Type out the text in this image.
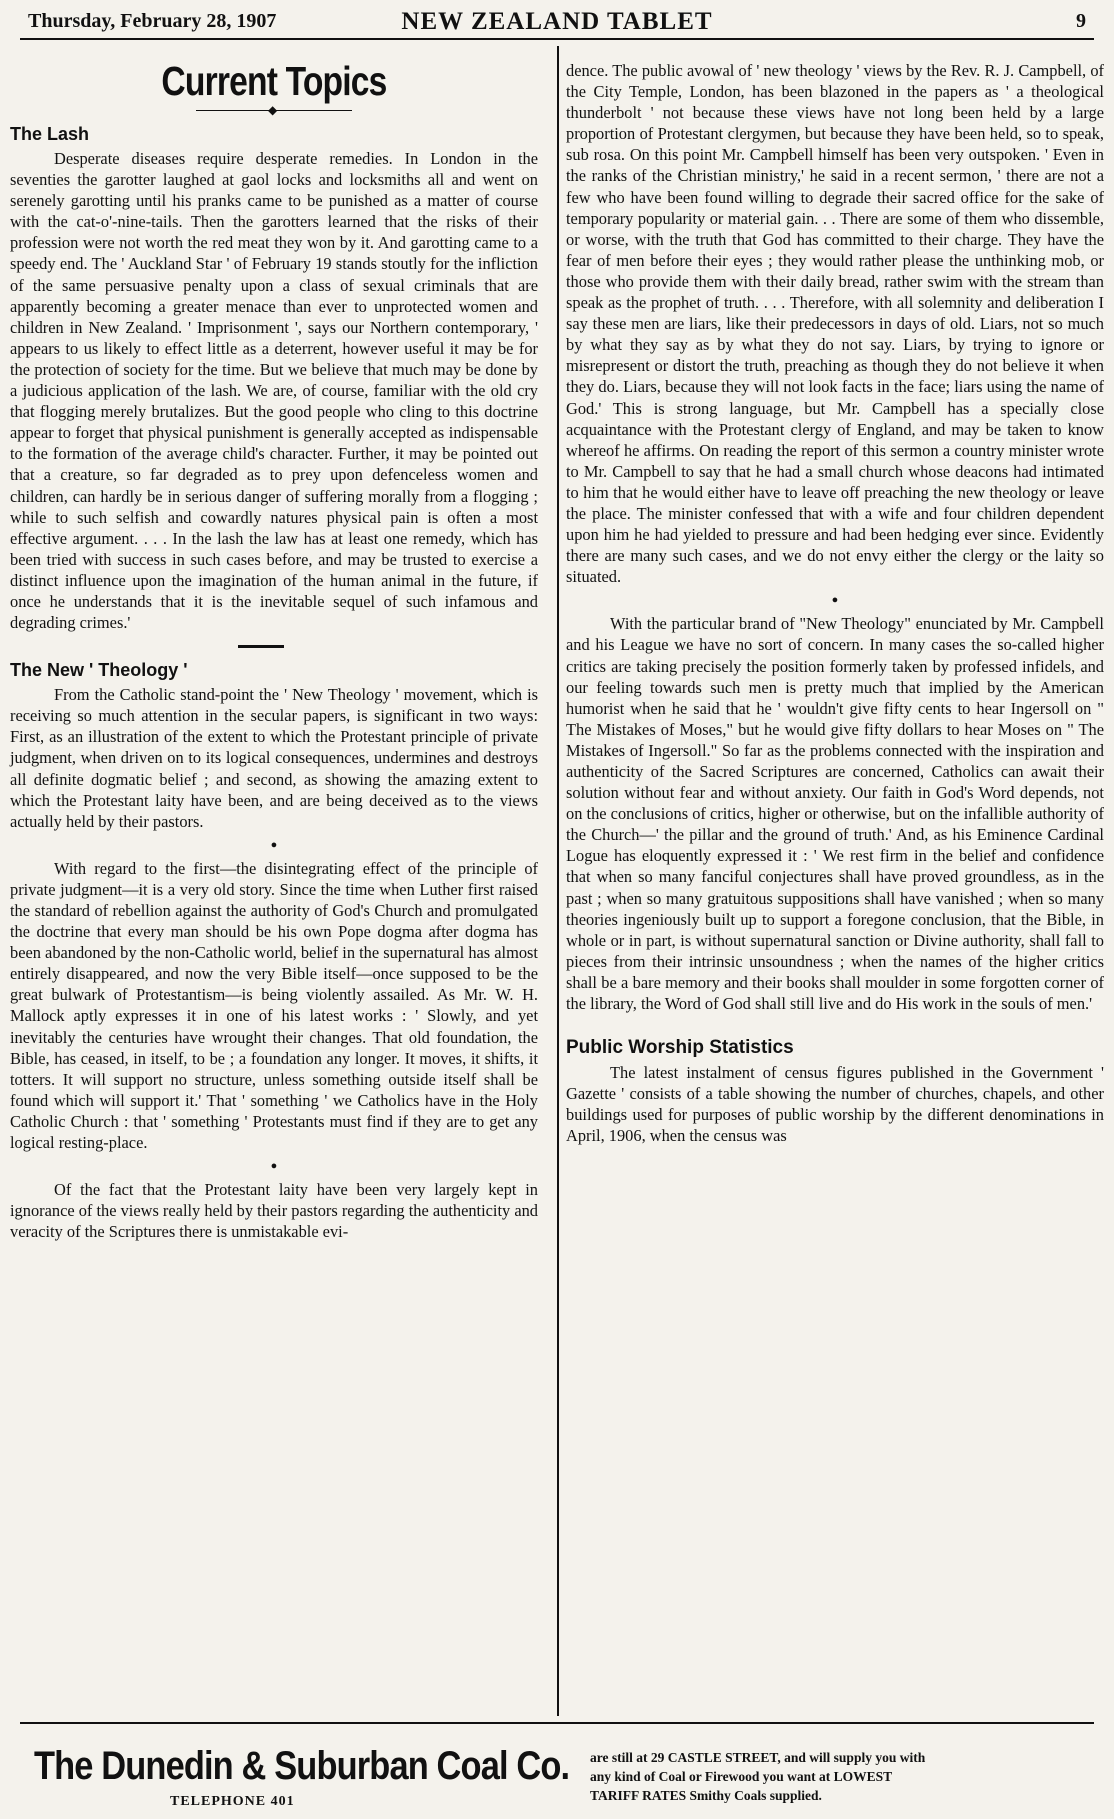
Thursday, February 28, 1907	NEW ZEALAND TABLET	9
Current Topics
◆
The Lash

Desperate diseases require desperate remedies. In London in the seventies the garotter laughed at gaol locks and locksmiths all and went on serenely garotting until his pranks came to be punished as a matter of course with the cat-o'-nine-tails. Then the garotters learned that the risks of their profession were not worth the red meat they won by it. And garotting came to a speedy end. The ' Auckland Star ' of February 19 stands stoutly for the infliction of the same persuasive penalty upon a class of sexual criminals that are apparently becoming a greater menace than ever to unprotected women and children in New Zealand. ' Imprisonment ', says our Northern contemporary, ' appears to us likely to effect little as a deterrent, however useful it may be for the protection of society for the time. But we believe that much may be done by a judicious application of the lash. We are, of course, familiar with the old cry that flogging merely brutalizes. But the good people who cling to this doctrine appear to forget that physical punishment is generally accepted as indispensable to the formation of the average child's character. Further, it may be pointed out that a creature, so far degraded as to prey upon defenceless women and children, can hardly be in serious danger of suffering morally from a flogging ; while to such selfish and cowardly natures physical pain is often a most effective argument. . . . In the lash the law has at least one remedy, which has been tried with success in such cases before, and may be trusted to exercise a distinct influence upon the imagination of the human animal in the future, if once he understands that it is the inevitable sequel of such infamous and degrading crimes.'

The New ' Theology '

From the Catholic stand-point the ' New Theology ' movement, which is receiving so much attention in the secular papers, is significant in two ways: First, as an illustration of the extent to which the Protestant principle of private judgment, when driven on to its logical consequences, undermines and destroys all definite dogmatic belief ; and second, as showing the amazing extent to which the Protestant laity have been, and are being deceived as to the views actually held by their pastors.

●

With regard to the first—the disintegrating effect of the principle of private judgment—it is a very old story. Since the time when Luther first raised the standard of rebellion against the authority of God's Church and promulgated the doctrine that every man should be his own Pope dogma after dogma has been abandoned by the non-Catholic world, belief in the supernatural has almost entirely disappeared, and now the very Bible itself—once supposed to be the great bulwark of Protestantism—is being violently assailed. As Mr. W. H. Mallock aptly expresses it in one of his latest works : ' Slowly, and yet inevitably the centuries have wrought their changes. That old foundation, the Bible, has ceased, in itself, to be ; a foundation any longer. It moves, it shifts, it totters. It will support no structure, unless something outside itself shall be found which will support it.' That ' something ' we Catholics have in the Holy Catholic Church : that ' something ' Protestants must find if they are to get any logical resting-place.

●

Of the fact that the Protestant laity have been very largely kept in ignorance of the views really held by their pastors regarding the authenticity and veracity of the Scriptures there is unmistakable evi-

dence. The public avowal of ' new theology ' views by the Rev. R. J. Campbell, of the City Temple, London, has been blazoned in the papers as ' a theological thunderbolt ' not because these views have not long been held by a large proportion of Protestant clergymen, but because they have been held, so to speak, sub rosa. On this point Mr. Campbell himself has been very outspoken. ' Even in the ranks of the Christian ministry,' he said in a recent sermon, ' there are not a few who have been found willing to degrade their sacred office for the sake of temporary popularity or material gain. . . There are some of them who dissemble, or worse, with the truth that God has committed to their charge. They have the fear of men before their eyes ; they would rather please the unthinking mob, or those who provide them with their daily bread, rather swim with the stream than speak as the prophet of truth. . . . Therefore, with all solemnity and deliberation I say these men are liars, like their predecessors in days of old. Liars, not so much by what they say as by what they do not say. Liars, by trying to ignore or misrepresent or distort the truth, preaching as though they do not believe it when they do. Liars, because they will not look facts in the face; liars using the name of God.' This is strong language, but Mr. Campbell has a specially close acquaintance with the Protestant clergy of England, and may be taken to know whereof he affirms. On reading the report of this sermon a country minister wrote to Mr. Campbell to say that he had a small church whose deacons had intimated to him that he would either have to leave off preaching the new theology or leave the place. The minister confessed that with a wife and four children dependent upon him he had yielded to pressure and had been hedging ever since. Evidently there are many such cases, and we do not envy either the clergy or the laity so situated.

●

With the particular brand of "New Theology" enunciated by Mr. Campbell and his League we have no sort of concern. In many cases the so-called higher critics are taking precisely the position formerly taken by professed infidels, and our feeling towards such men is pretty much that implied by the American humorist when he said that he ' wouldn't give fifty cents to hear Ingersoll on " The Mistakes of Moses," but he would give fifty dollars to hear Moses on " The Mistakes of Ingersoll." So far as the problems connected with the inspiration and authenticity of the Sacred Scriptures are concerned, Catholics can await their solution without fear and without anxiety. Our faith in God's Word depends, not on the conclusions of critics, higher or otherwise, but on the infallible authority of the Church—' the pillar and the ground of truth.' And, as his Eminence Cardinal Logue has eloquently expressed it : ' We rest firm in the belief and confidence that when so many fanciful conjectures shall have proved groundless, as in the past ; when so many gratuitous suppositions shall have vanished ; when so many theories ingeniously built up to support a foregone conclusion, that the Bible, in whole or in part, is without supernatural sanction or Divine authority, shall fall to pieces from their intrinsic unsoundness ; when the names of the higher critics shall be a bare memory and their books shall moulder in some forgotten corner of the library, the Word of God shall still live and do His work in the souls of men.'

Public Worship Statistics

The latest instalment of census figures published in the Government ' Gazette ' consists of a table showing the number of churches, chapels, and other buildings used for purposes of public worship by the different denominations in April, 1906, when the census was

The Dunedin & Suburban Coal Co.
TELEPHONE 401
are still at 29 CASTLE STREET, and will supply you with
any kind of Coal or Firewood you want at LOWEST
TARIFF RATES Smithy Coals supplied.
